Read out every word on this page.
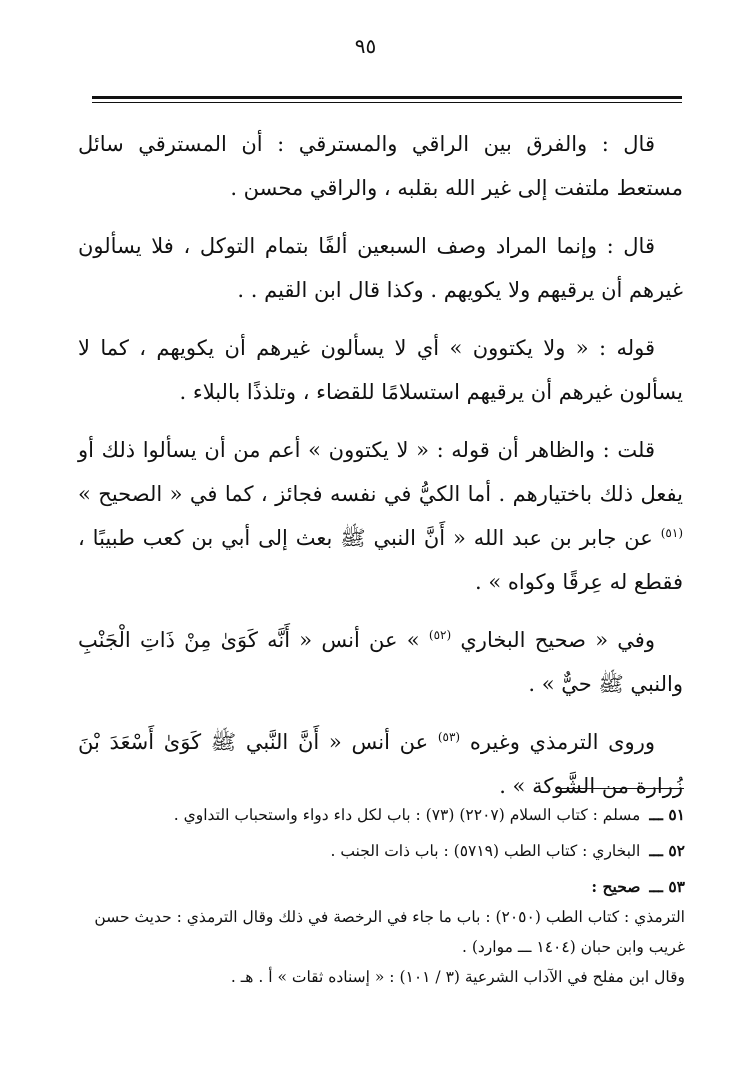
٩٥

قال : والفرق بين الراقي والمسترقي : أن المسترقي سائل مستعط ملتفت إلى غير الله بقلبه ، والراقي محسن .

قال : وإنما المراد وصف السبعين ألفًا بتمام التوكل ، فلا يسألون غيرهم أن يرقيهم ولا يكويهم . وكذا قال ابن القيم . .

قوله : « ولا يكتوون » أي لا يسألون غيرهم أن يكويهم ، كما لا يسألون غيرهم أن يرقيهم استسلامًا للقضاء ، وتلذذًا بالبلاء .

قلت : والظاهر أن قوله : « لا يكتوون » أعم من أن يسألوا ذلك أو يفعل ذلك باختيارهم . أما الكيُّ في نفسه فجائز ، كما في « الصحيح » $^{(٥١)}$ عن جابر بن عبد الله « أَنَّ النبي ﷺ بعث إلى أبي بن كعب طبيبًا ، فقطع له عِرقًا وكواه » .

وفي « صحيح البخاري $^{(٥٢)}$ » عن أنس « أَنَّه كَوَىٰ مِنْ ذَاتِ الْجَنْبِ والنبي ﷺ حيٌّ » .

وروى الترمذي وغيره $^{(٥٣)}$ عن أنس « أَنَّ النَّبي ﷺ كَوَىٰ أَسْعَدَ بْنَ زُرارة من الشَّوكة » .

٥١ ـــ مسلم : كتاب السلام (٢٢٠٧) (٧٣) : باب لكل داء دواء واستحباب التداوي .
٥٢ ـــ البخاري : كتاب الطب (٥٧١٩) : باب ذات الجنب .
٥٣ ـــ صحيح :

الترمذي : كتاب الطب (٢٠٥٠) : باب ما جاء في الرخصة في ذلك وقال الترمذي : حديث حسن غريب وابن حبان (١٤٠٤ ـــ موارد) .

وقال ابن مفلح في الآداب الشرعية (٣ / ١٠١) : « إسناده ثقات » أ . هـ .
